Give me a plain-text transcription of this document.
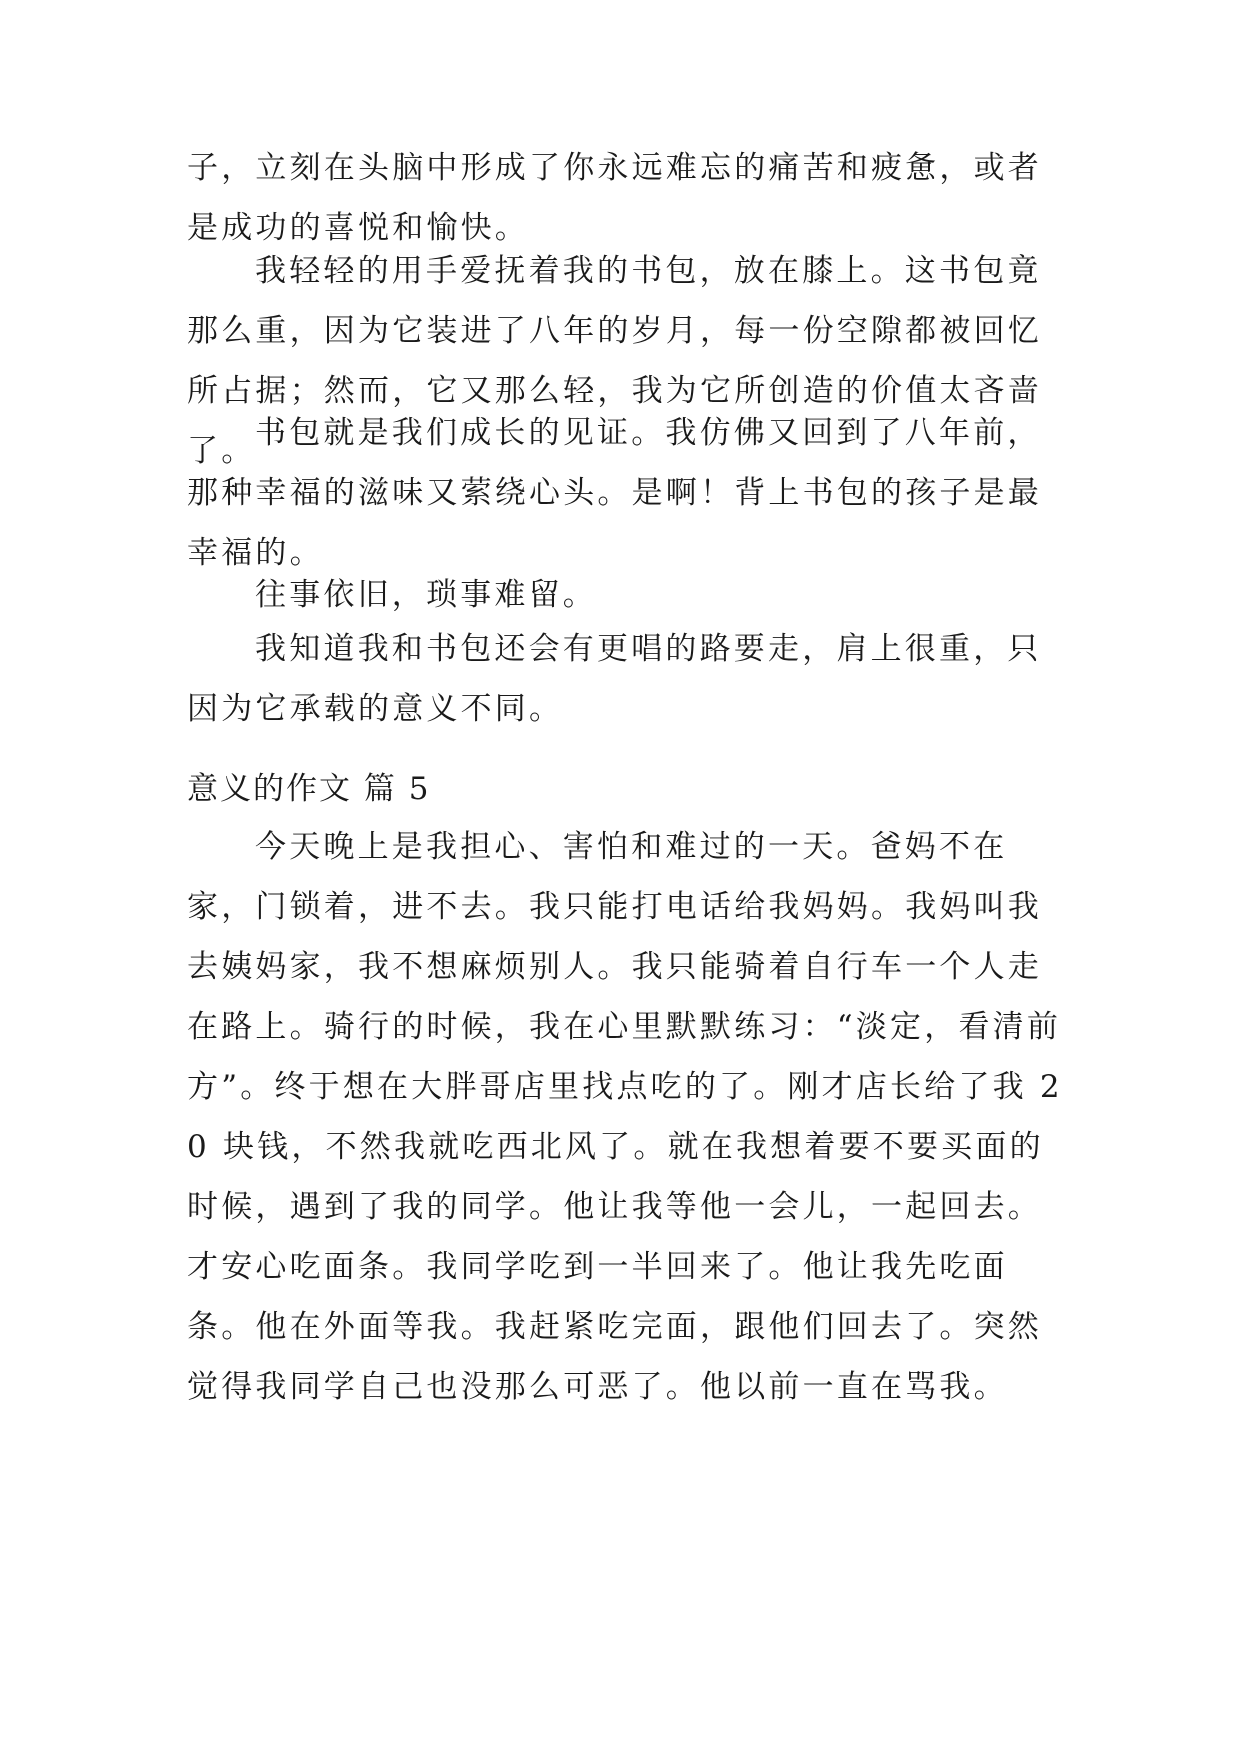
子，立刻在头脑中形成了你永远难忘的痛苦和疲惫，或者是成功的喜悦和愉快。

我轻轻的用手爱抚着我的书包，放在膝上。这书包竟那么重，因为它装进了八年的岁月，每一份空隙都被回忆所占据；然而，它又那么轻，我为它所创造的价值太吝啬了。 书包就是我们成长的见证。我仿佛又回到了八年前，那种幸福的滋味又萦绕心头。是啊！背上书包的孩子是最幸福的。

往事依旧，琐事难留。

我知道我和书包还会有更唱的路要走，肩上很重，只因为它承载的意义不同。

意义的作文 篇 5

今天晚上是我担心、害怕和难过的一天。爸妈不在家，门锁着，进不去。我只能打电话给我妈妈。我妈叫我去姨妈家，我不想麻烦别人。我只能骑着自行车一个人走在路上。骑行的时候，我在心里默默练习：“淡定，看清前方”。终于想在大胖哥店里找点吃的了。刚才店长给了我 20 块钱，不然我就吃西北风了。就在我想着要不要买面的时候，遇到了我的同学。他让我等他一会儿，一起回去。才安心吃面条。我同学吃到一半回来了。他让我先吃面条。他在外面等我。我赶紧吃完面，跟他们回去了。突然觉得我同学自己也没那么可恶了。他以前一直在骂我。
